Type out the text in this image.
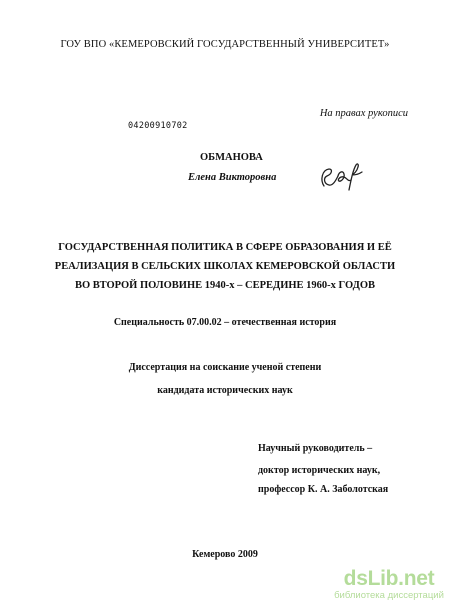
ГОУ ВПО «КЕМЕРОВСКИЙ ГОСУДАРСТВЕННЫЙ УНИВЕРСИТЕТ»
На правах рукописи
04200910702
ОБМАНОВА
Елена Викторовна
ГОСУДАРСТВЕННАЯ ПОЛИТИКА В СФЕРЕ ОБРАЗОВАНИЯ И ЕЁ
РЕАЛИЗАЦИЯ В СЕЛЬСКИХ ШКОЛАХ КЕМЕРОВСКОЙ ОБЛАСТИ
ВО ВТОРОЙ ПОЛОВИНЕ 1940-х – СЕРЕДИНЕ 1960-х ГОДОВ
Специальность 07.00.02 – отечественная история
Диссертация на соискание ученой степени
кандидата исторических наук
Научный руководитель –
доктор исторических наук,
профессор К. А. Заболотская
Кемерово 2009
dsLib.net
библиотека диссертаций
